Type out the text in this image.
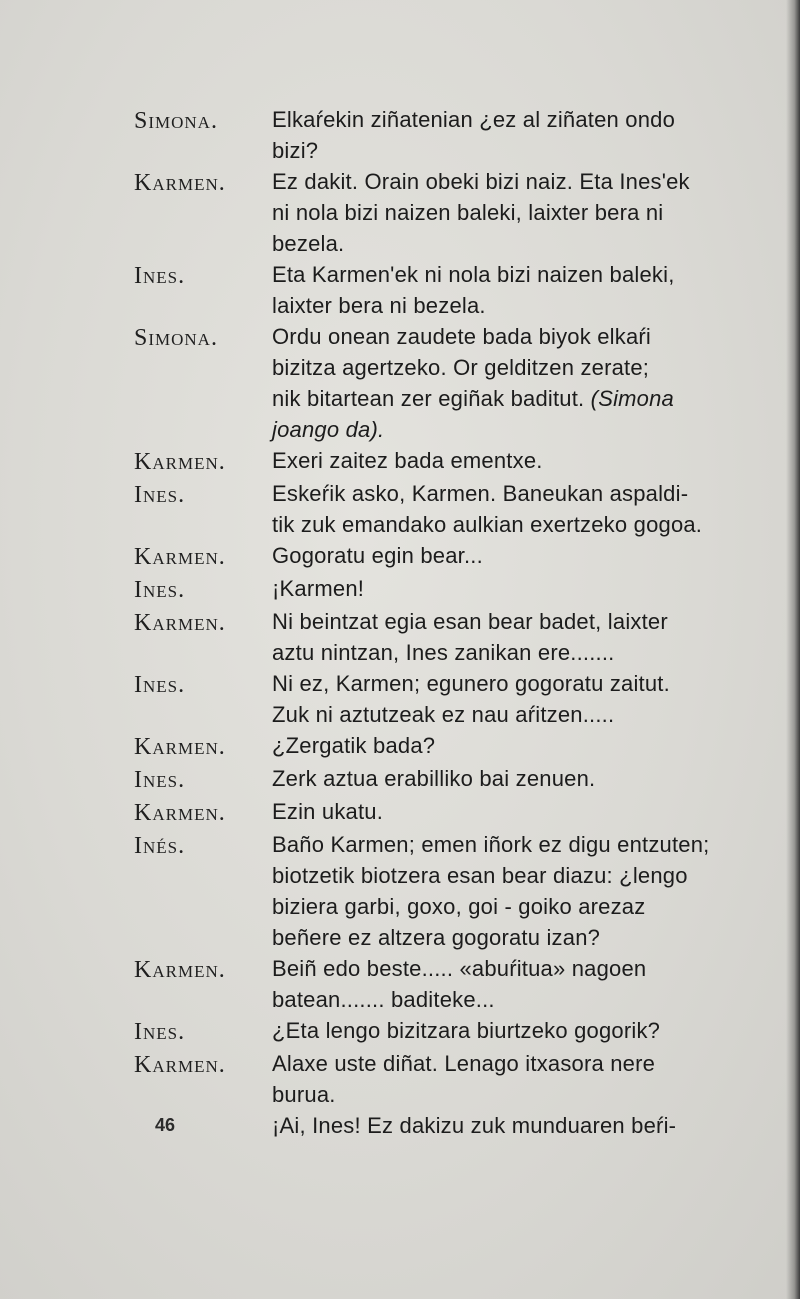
Simona.	Elkaŕekin ziñatenian ¿ez al ziñaten ondo

bizi?

Karmen.	Ez dakit. Orain obeki bizi naiz. Eta Ines'ek

ni nola bizi naizen baleki, laixter bera ni

bezela.

Ines.	Eta Karmen'ek ni nola bizi naizen baleki,

laixter bera ni bezela.

Simona.	Ordu onean zaudete bada biyok elkaŕi

bizitza agertzeko. Or gelditzen zerate;

nik bitartean zer egiñak baditut. (Simona

joango da).

Karmen.	Exeri zaitez bada ementxe.

Ines.	Eskeŕik asko, Karmen. Baneukan aspaldi-

tik zuk emandako aulkian exertzeko gogoa.

Karmen.	Gogoratu egin bear...

Ines.	¡Karmen!

Karmen.	Ni beintzat egia esan bear badet, laixter

aztu nintzan, Ines zanikan ere.......

Ines.	Ni ez, Karmen; egunero gogoratu zaitut.

Zuk ni aztutzeak ez nau aŕitzen.....

Karmen.	¿Zergatik bada?

Ines.	Zerk aztua erabilliko bai zenuen.

Karmen.	Ezin ukatu.

Inés.	Baño Karmen; emen iñork ez digu entzuten;

biotzetik biotzera esan bear diazu: ¿lengo

biziera garbi, goxo, goi - goiko arezaz

beñere ez altzera gogoratu izan?

Karmen.	Beiñ edo beste..... «abuŕitua» nagoen

batean....... baditeke...

Ines.	¿Eta lengo bizitzara biurtzeko gogorik?

Karmen.	Alaxe uste diñat. Lenago itxasora nere

burua.

¡Ai, Ines! Ez dakizu zuk munduaren beŕi-

46
